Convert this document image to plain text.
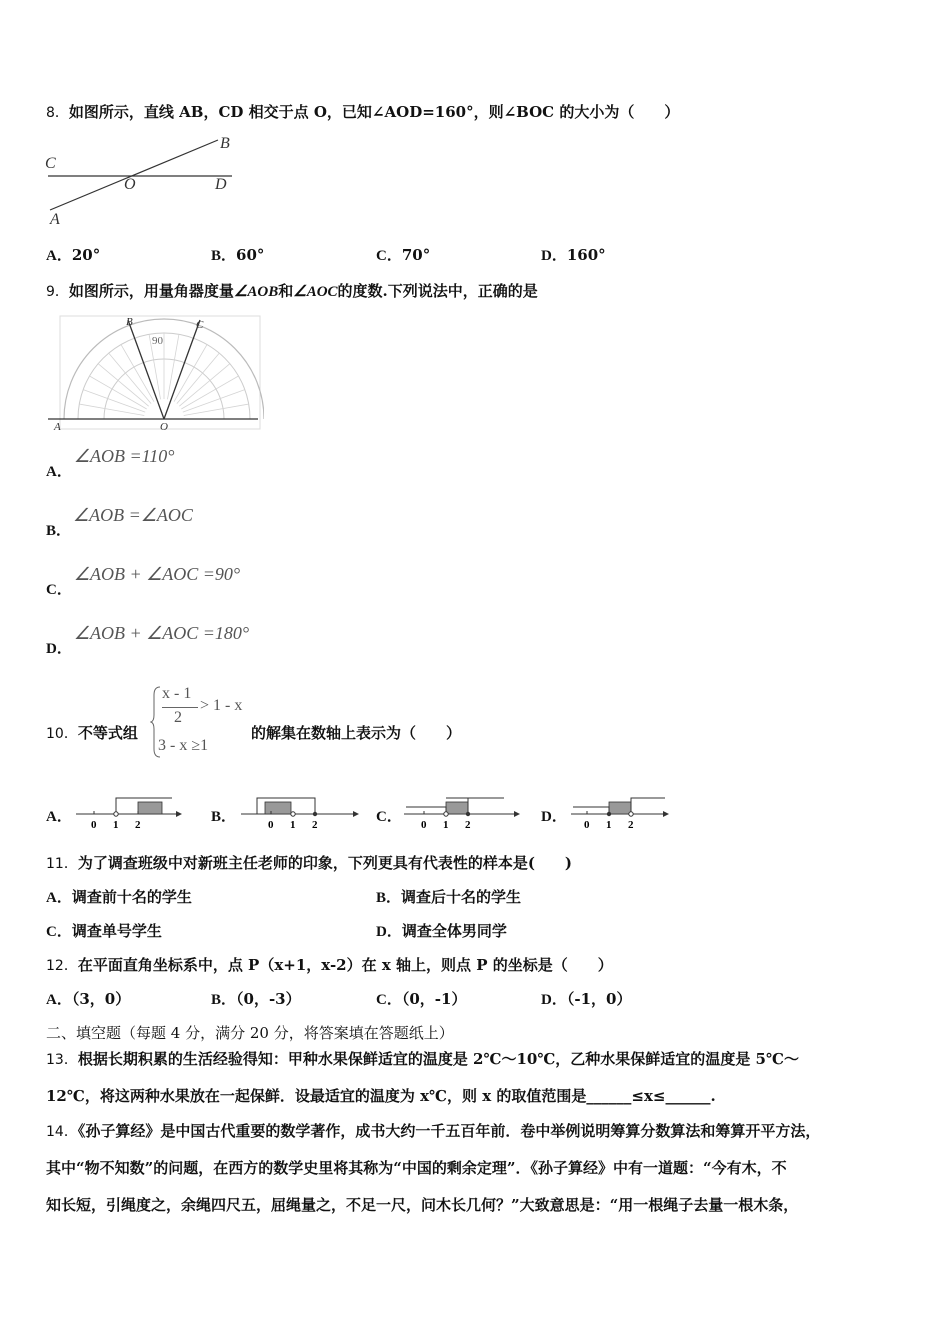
8．如图所示，直线 AB，CD 相交于点 O，已知∠AOD=160°，则∠BOC 的大小为（　　）
C
B
O	D
A
A．20°	B．60°	C．70°	D．160°
9．如图所示，用量角器度量∠AOB和∠AOC的度数.下列说法中，正确的是
90
B	C
A	O
A．∠AOB =110°
B．∠AOB =∠AOC
C．∠AOB + ∠AOC =90°
D．∠AOB + ∠AOC =180°
10．不等式组
x - 1
2
> 1 - x
3 - x ≥1
的解集在数轴上表示为（　　）
A． 0 1 2	B．	0 1 2	C． 0 1 2	D． 0 1 2
11．为了调查班级中对新班主任老师的印象，下列更具有代表性的样本是(　　)
A．调查前十名的学生	B．调查后十名的学生
C．调查单号学生	D．调查全体男同学
12．在平面直角坐标系中，点 P（x+1，x-2）在 x 轴上，则点 P 的坐标是（　　）
A．（3，0）	B．（0，-3）	C．（0，-1）	D．（-1，0）
二、填空题（每题 4 分，满分 20 分，将答案填在答题纸上）
13．根据长期积累的生活经验得知：甲种水果保鲜适宜的温度是 2℃～10℃，乙种水果保鲜适宜的温度是 5℃～
12℃，将这两种水果放在一起保鲜．设最适宜的温度为 x℃，则 x 的取值范围是______≤x≤______.
14．《孙子算经》是中国古代重要的数学著作，成书大约一千五百年前．卷中举例说明筹算分数算法和筹算开平方法，
其中“物不知数”的问题，在西方的数学史里将其称为“中国的剩余定理”．《孙子算经》中有一道题：“今有木，不
知长短，引绳度之，余绳四尺五，屈绳量之，不足一尺，问木长几何？”大致意思是：“用一根绳子去量一根木条，
